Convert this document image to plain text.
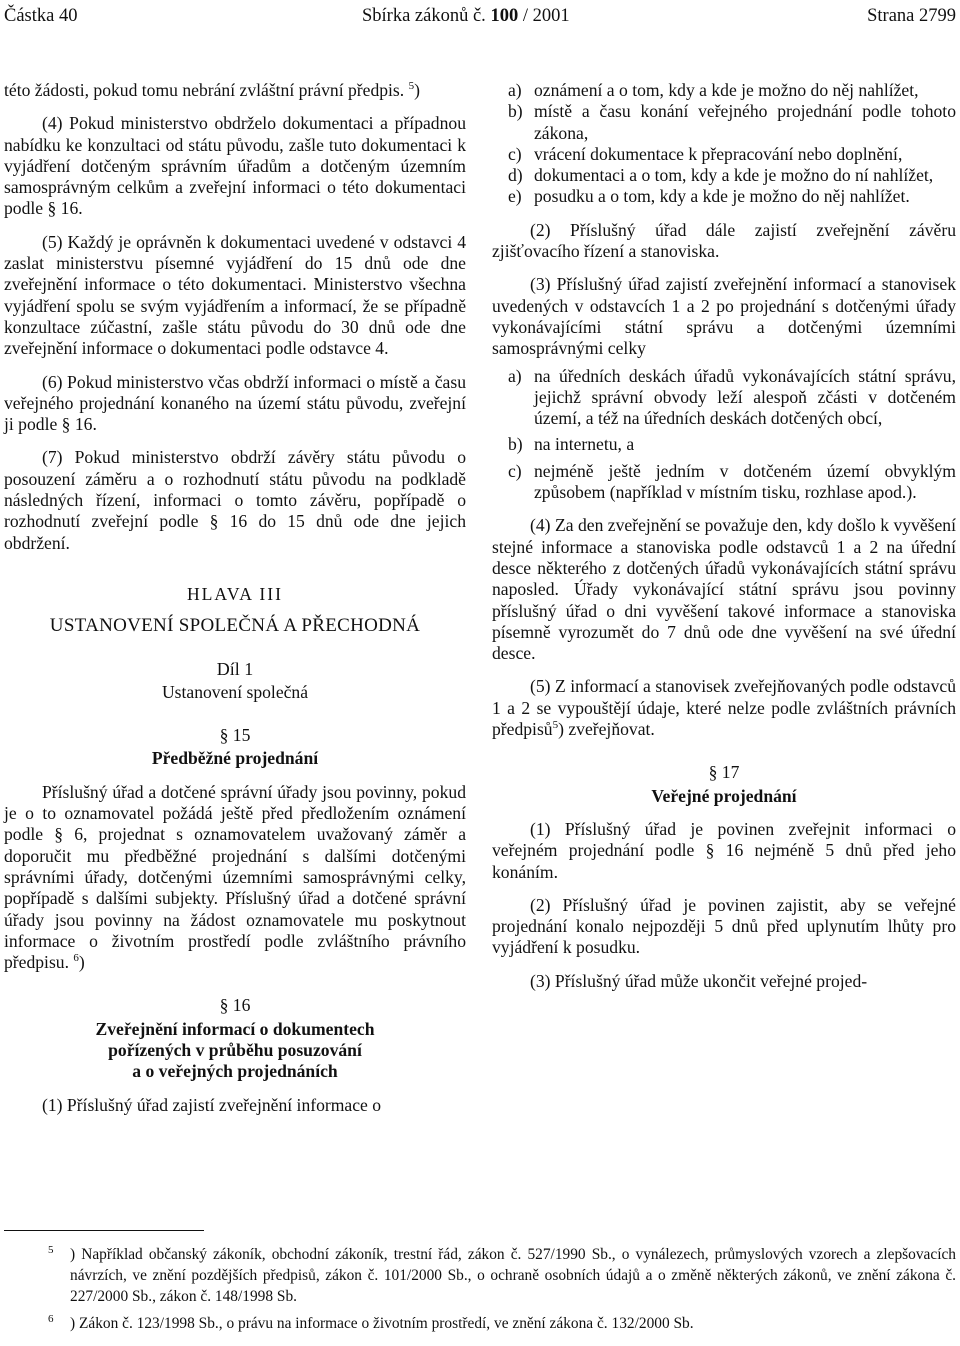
Částka 40	Sbírka zákonů č. 100 / 2001	Strana 2799

této žádosti, pokud tomu nebrání zvláštní právní předpis. $^5$)

(4) Pokud ministerstvo obdrželo dokumentaci a případnou nabídku ke konzultaci od státu původu, zašle tuto dokumentaci k vyjádření dotčeným správním úřadům a dotčeným územním samosprávným celkům a zveřejní informaci o této dokumentaci podle § 16.

(5) Každý je oprávněn k dokumentaci uvedené v odstavci 4 zaslat ministerstvu písemné vyjádření do 15 dnů ode dne zveřejnění informace o této dokumentaci. Ministerstvo všechna vyjádření spolu se svým vyjádřením a informací, že se případně konzultace zúčastní, zašle státu původu do 30 dnů ode dne zveřejnění informace o dokumentaci podle odstavce 4.

(6) Pokud ministerstvo včas obdrží informaci o místě a času veřejného projednání konaného na území státu původu, zveřejní ji podle § 16.

(7) Pokud ministerstvo obdrží závěry státu původu o posouzení záměru a o rozhodnutí státu původu na podkladě následných řízení, informaci o tomto závěru, popřípadě o rozhodnutí zveřejní podle § 16 do 15 dnů ode dne jejich obdržení.

HLAVA III
USTANOVENÍ SPOLEČNÁ A PŘECHODNÁ
Díl 1
Ustanovení společná
§ 15
Předběžné projednání

Příslušný úřad a dotčené správní úřady jsou povinny, pokud je o to oznamovatel požádá ještě před předložením oznámení podle § 6, projednat s oznamovatelem uvažovaný záměr a doporučit mu předběžné projednání s dalšími dotčenými správními úřady, dotčenými územními samosprávnými celky, popřípadě s dalšími subjekty. Příslušný úřad a dotčené správní úřady jsou povinny na žádost oznamovatele mu poskytnout informace o životním prostředí podle zvláštního právního předpisu. $^6$)

§ 16
Zveřejnění informací o dokumentech
pořízených v průběhu posuzování
a o veřejných projednáních

(1) Příslušný úřad zajistí zveřejnění informace o

a) oznámení a o tom, kdy a kde je možno do něj nahlížet,
b) místě a času konání veřejného projednání podle tohoto zákona,
c) vrácení dokumentace k přepracování nebo doplnění,
d) dokumentaci a o tom, kdy a kde je možno do ní nahlížet,
e) posudku a o tom, kdy a kde je možno do něj nahlížet.

(2) Příslušný úřad dále zajistí zveřejnění závěru zjišťovacího řízení a stanoviska.

(3) Příslušný úřad zajistí zveřejnění informací a stanovisek uvedených v odstavcích 1 a 2 po projednání s dotčenými úřady vykonávajícími státní správu a dotčenými územními samosprávnými celky

a) na úředních deskách úřadů vykonávajících státní správu, jejichž správní obvody leží alespoň zčásti v dotčeném území, a též na úředních deskách dotčených obcí,
b) na internetu, a
c) nejméně ještě jedním v dotčeném území obvyklým způsobem (například v místním tisku, rozhlase apod.).

(4) Za den zveřejnění se považuje den, kdy došlo k vyvěšení stejné informace a stanoviska podle odstavců 1 a 2 na úřední desce některého z dotčených úřadů vykonávajících státní správu naposled. Úřady vykonávající státní správu jsou povinny příslušný úřad o dni vyvěšení takové informace a stanoviska písemně vyrozumět do 7 dnů ode dne vyvěšení na své úřední desce.

(5) Z informací a stanovisek zveřejňovaných podle odstavců 1 a 2 se vypouštějí údaje, které nelze podle zvláštních právních předpisů$^5$) zveřejňovat.

§ 17
Veřejné projednání

(1) Příslušný úřad je povinen zveřejnit informaci o veřejném projednání podle § 16 nejméně 5 dnů před jeho konáním.

(2) Příslušný úřad je povinen zajistit, aby se veřejné projednání konalo nejpozději 5 dnů před uplynutím lhůty pro vyjádření k posudku.

(3) Příslušný úřad může ukončit veřejné projed-

$^5$ ) Například občanský zákoník, obchodní zákoník, trestní řád, zákon č. 527/1990 Sb., o vynálezech, průmyslových vzorech a zlepšovacích návrzích, ve znění pozdějších předpisů, zákon č. 101/2000 Sb., o ochraně osobních údajů a o změně některých zákonů, ve znění zákona č. 227/2000 Sb., zákon č. 148/1998 Sb.
$^6$ ) Zákon č. 123/1998 Sb., o právu na informace o životním prostředí, ve znění zákona č. 132/2000 Sb.
